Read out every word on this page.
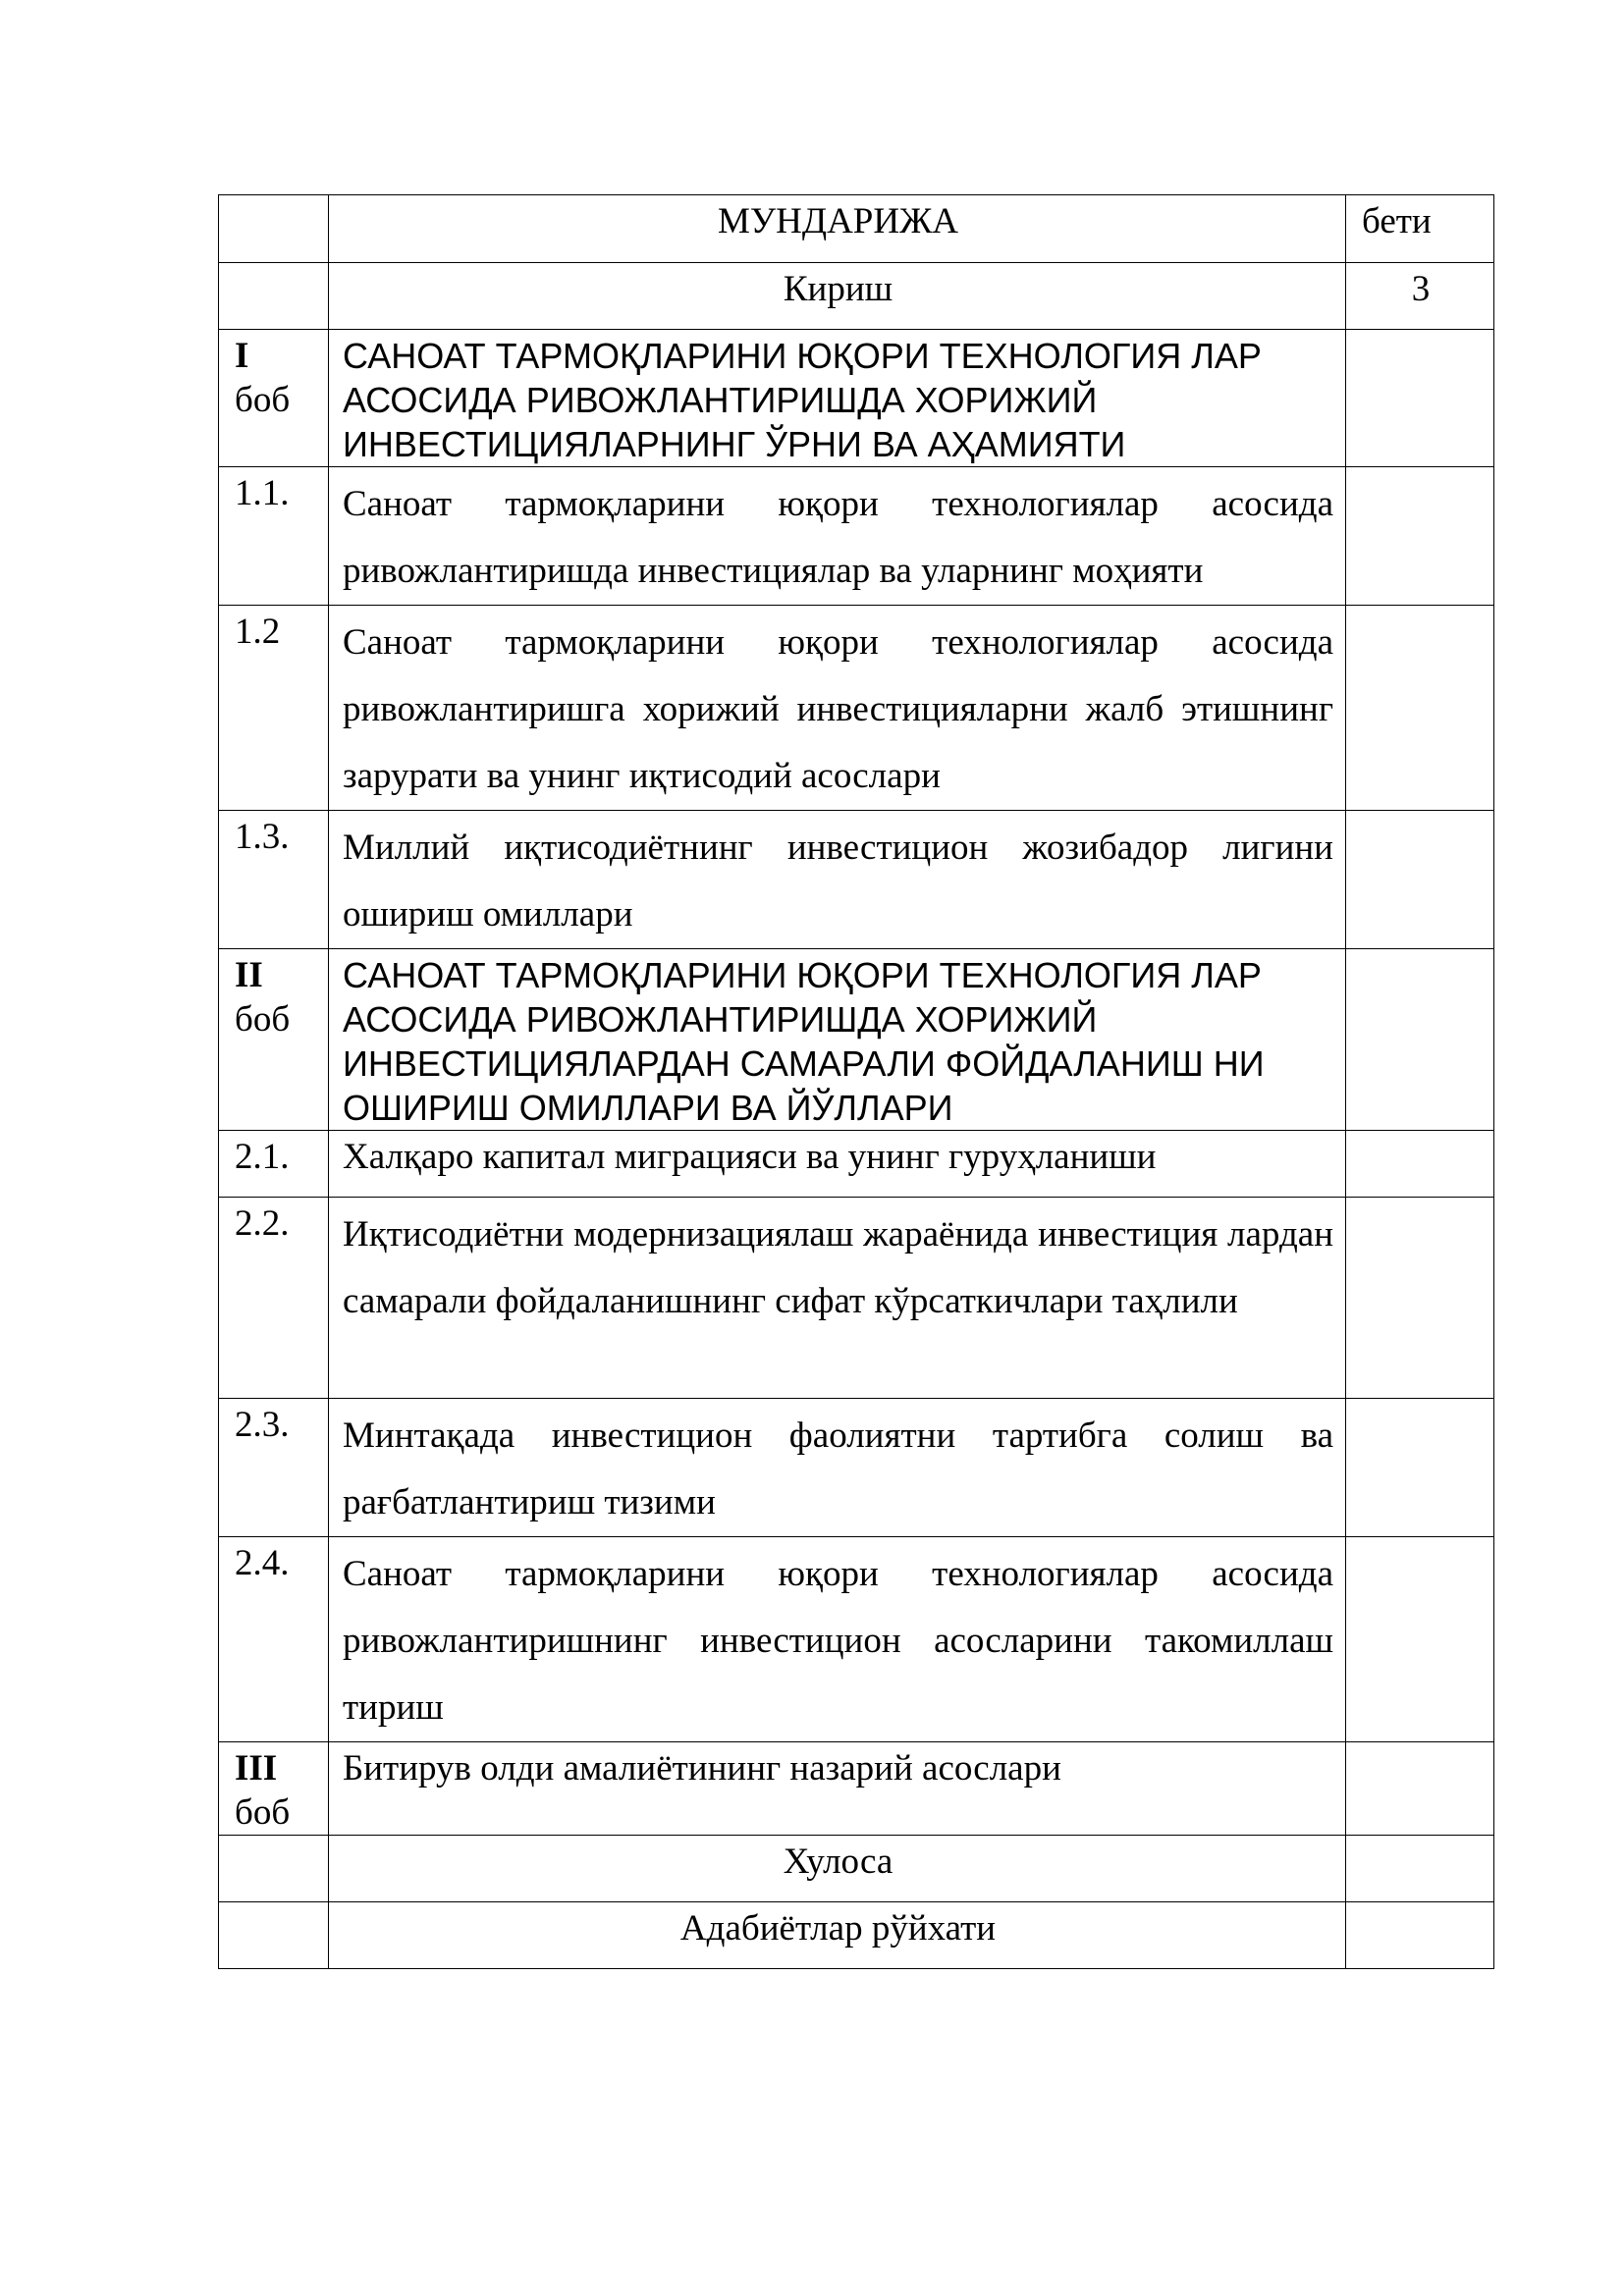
	МУНДАРИЖА	бети
	Кириш	3

I
боб	САНОАТ ТАРМОҚЛАРИНИ ЮҚОРИ ТЕХНОЛОГИЯ ЛАР АСОСИДА РИВОЖЛАНТИРИШДА ХОРИЖИЙ ИНВЕСТИЦИЯЛАРНИНГ ЎРНИ ВА АҲАМИЯТИ	
1.1.	Саноат тармоқларини юқори технологиялар асосида ривожлантиришда инвестициялар ва уларнинг моҳияти	
1.2	Саноат тармоқларини юқори технологиялар асосида ривожлантиришга хорижий инвестицияларни жалб этишнинг зарурати ва унинг иқтисодий асослари	
1.3.	Миллий иқтисодиётнинг инвестицион жозибадор лигини ошириш омиллари	

II
боб	САНОАТ ТАРМОҚЛАРИНИ ЮҚОРИ ТЕХНОЛОГИЯ ЛАР АСОСИДА РИВОЖЛАНТИРИШДА ХОРИЖИЙ ИНВЕСТИЦИЯЛАРДАН САМАРАЛИ ФОЙДАЛАНИШ НИ ОШИРИШ ОМИЛЛАРИ ВА ЙЎЛЛАРИ	
2.1.	Халқаро капитал миграцияси ва унинг гуруҳланиши	
2.2.	Иқтисодиётни модернизациялаш жараёнида инвестиция лардан самарали фойдаланишнинг сифат кўрсаткичлари таҳлили	
2.3.	Минтақада инвестицион фаолиятни тартибга солиш ва рағбатлантириш тизими	
2.4.	Саноат тармоқларини юқори технологиялар асосида ривожлантиришнинг инвестицион асосларини такомиллаш тириш	

III
боб	Битирув олди амалиётининг назарий асослари	
	Хулоса	
	Адабиётлар рўйхати	
